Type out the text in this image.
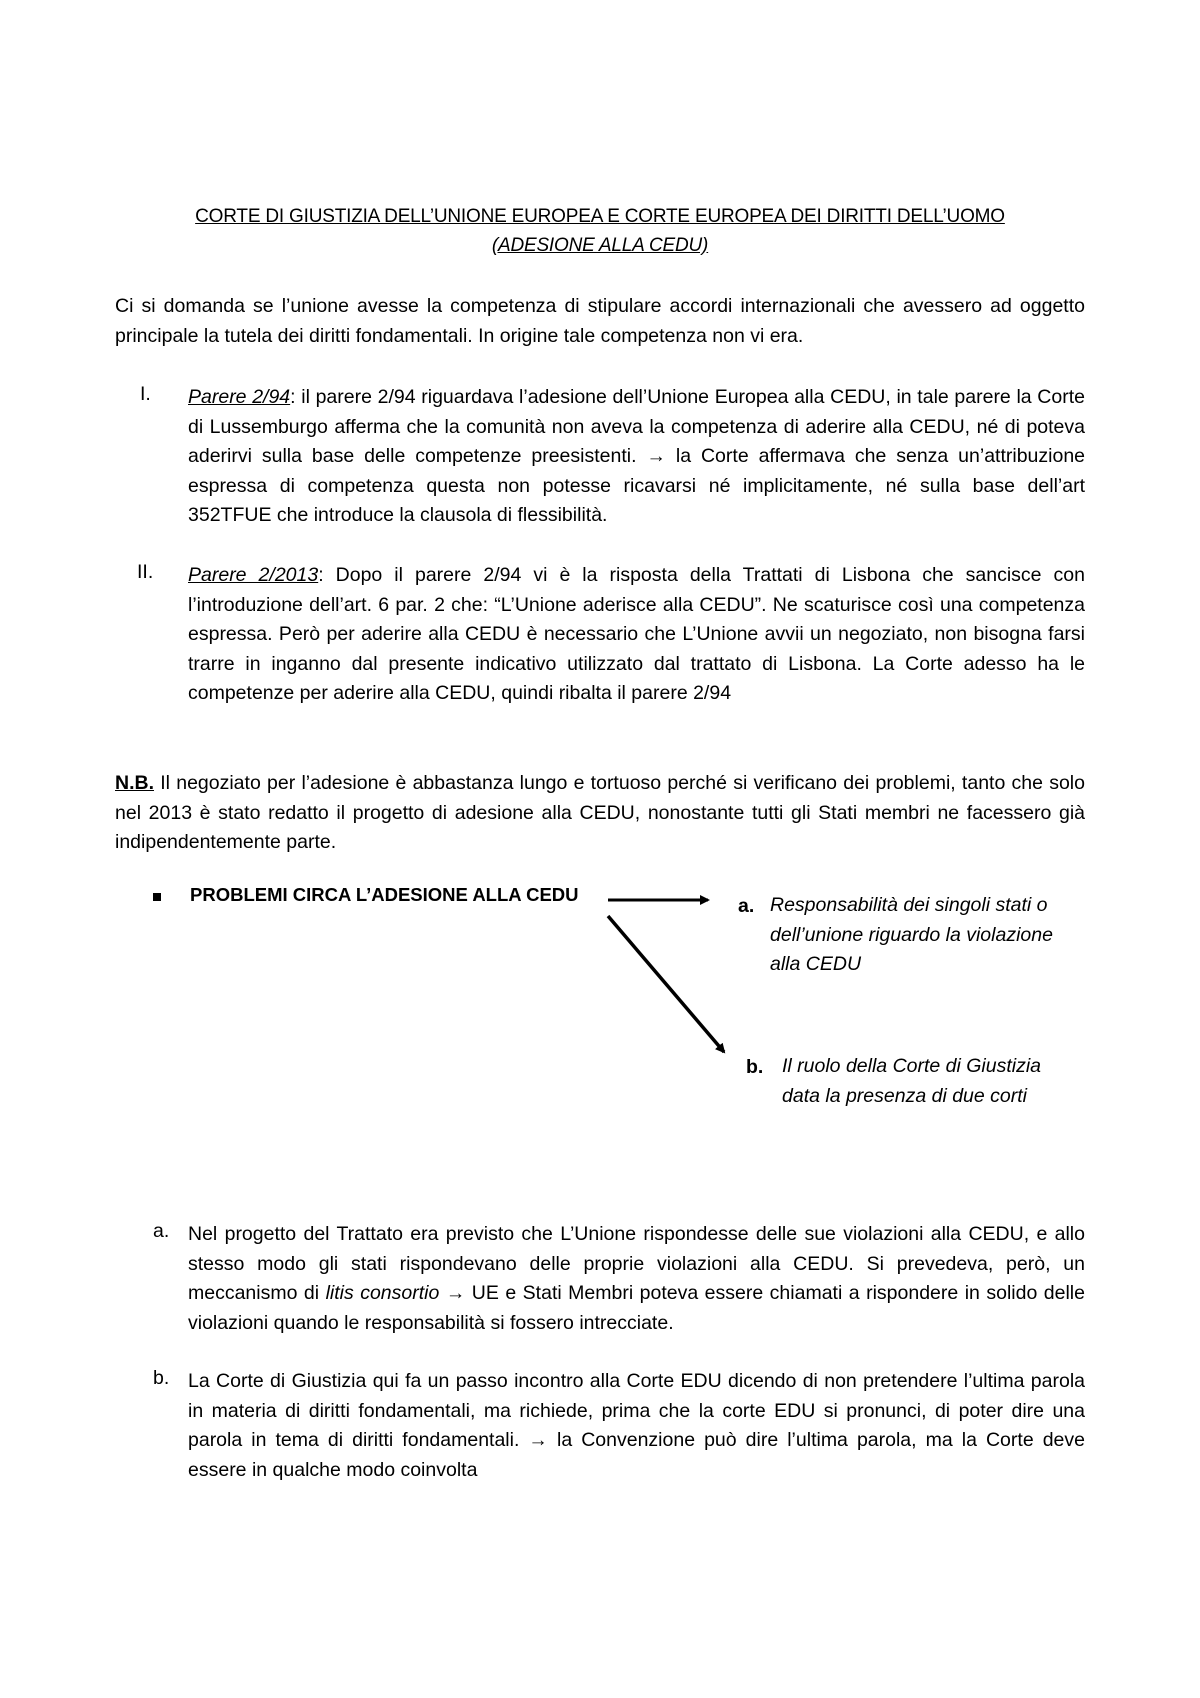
CORTE DI GIUSTIZIA DELL’UNIONE EUROPEA E CORTE EUROPEA DEI DIRITTI DELL’UOMO
(ADESIONE ALLA CEDU)
Ci si domanda se l’unione avesse la competenza di stipulare accordi internazionali che avessero ad oggetto principale la tutela dei diritti fondamentali. In origine tale competenza non vi era.
I. Parere 2/94: il parere 2/94 riguardava l’adesione dell’Unione Europea alla CEDU, in tale parere la Corte di Lussemburgo afferma che la comunità non aveva la competenza di aderire alla CEDU, né di poteva aderirvi sulla base delle competenze preesistenti. → la Corte affermava che senza un’attribuzione espressa di competenza questa non potesse ricavarsi né implicitamente, né sulla base dell’art 352TFUE che introduce la clausola di flessibilità.
II. Parere 2/2013: Dopo il parere 2/94 vi è la risposta della Trattati di Lisbona che sancisce con l’introduzione dell’art. 6 par. 2 che: “L’Unione aderisce alla CEDU”. Ne scaturisce così una competenza espressa. Però per aderire alla CEDU è necessario che L’Unione avvii un negoziato, non bisogna farsi trarre in inganno dal presente indicativo utilizzato dal trattato di Lisbona. La Corte adesso ha le competenze per aderire alla CEDU, quindi ribalta il parere 2/94
N.B. Il negoziato per l’adesione è abbastanza lungo e tortuoso perché si verificano dei problemi, tanto che solo nel 2013 è stato redatto il progetto di adesione alla CEDU, nonostante tutti gli Stati membri ne facessero già indipendentemente parte.
PROBLEMI CIRCA L’ADESIONE ALLA CEDU
a. Responsabilità dei singoli stati o dell’unione riguardo la violazione alla CEDU
b. Il ruolo della Corte di Giustizia data la presenza di due corti
a. Nel progetto del Trattato era previsto che L’Unione rispondesse delle sue violazioni alla CEDU, e allo stesso modo gli stati rispondevano delle proprie violazioni alla CEDU. Si prevedeva, però, un meccanismo di litis consortio → UE e Stati Membri poteva essere chiamati a rispondere in solido delle violazioni quando le responsabilità si fossero intrecciate.
b. La Corte di Giustizia qui fa un passo incontro alla Corte EDU dicendo di non pretendere l’ultima parola in materia di diritti fondamentali, ma richiede, prima che la corte EDU si pronunci, di poter dire una parola in tema di diritti fondamentali. → la Convenzione può dire l’ultima parola, ma la Corte deve essere in qualche modo coinvolta
